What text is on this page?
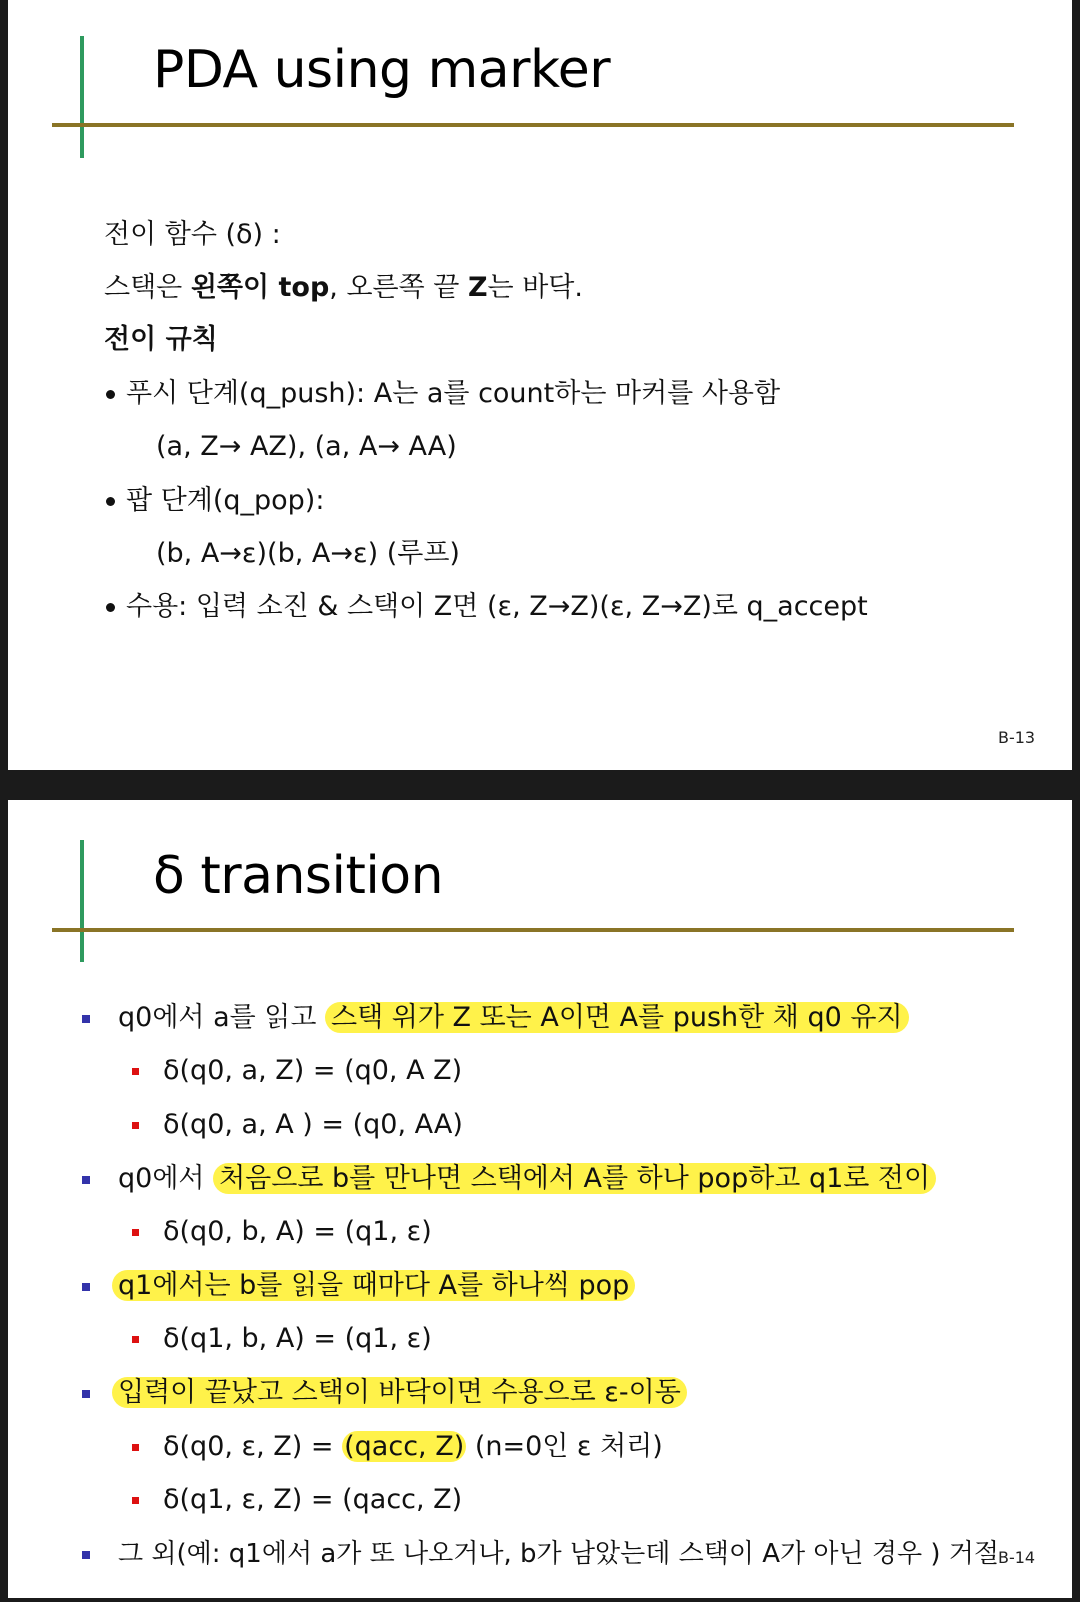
PDA using marker
전이 함수 (δ) :
스택은 왼쪽이 top, 오른쪽 끝 Z는 바닥.
전이 규칙
푸시 단계(q_push): A는 a를 count하는 마커를 사용함
(a, Z→ AZ), (a, A→ AA)
팝 단계(q_pop):
(b, A→ε)(b, A→ε) (루프)
수용: 입력 소진 & 스택이 Z면 (ε, Z→Z)(ε, Z→Z)로 q_accept
B-13
δ transition
q0에서 a를 읽고 스택 위가 Z 또는 A이면 A를 push한 채 q0 유지
δ(q0, a, Z) = (q0, A Z)
δ(q0, a, A ) = (q0, AA)
q0에서 처음으로 b를 만나면 스택에서 A를 하나 pop하고 q1로 전이
δ(q0, b, A) = (q1, ε)
q1에서는 b를 읽을 때마다 A를 하나씩 pop
δ(q1, b, A) = (q1, ε)
입력이 끝났고 스택이 바닥이면 수용으로 ε-이동
δ(q0, ε, Z) = (qacc, Z) (n=0인 ε 처리)
δ(q1, ε, Z) = (qacc, Z)
그 외(예: q1에서 a가 또 나오거나, b가 남았는데 스택이 A가 아닌 경우 ) 거절
B-14
